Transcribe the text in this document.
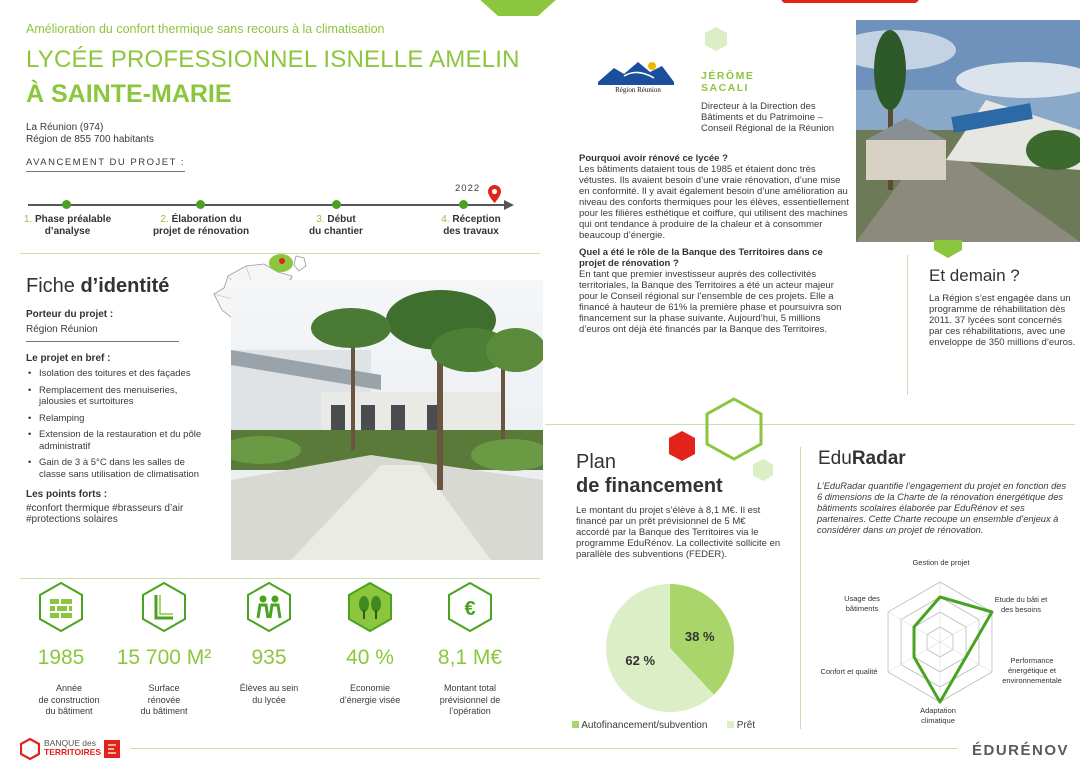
Amélioration du confort thermique sans recours à la climatisation
LYCÉE PROFESSIONNEL ISNELLE AMELIN
À SAINTE-MARIE
La Réunion (974)
Région de 855 700 habitants
AVANCEMENT DU PROJET :
2022
1. Phase préalable
d’analyse
2. Élaboration du
projet de rénovation
3. Début
du chantier
4. Réception
des travaux
Fiche d’identité
Porteur du projet :
Région Réunion
Le projet en bref :
• Isolation des toitures et des façades
• Remplacement des menuiseries, jalousies et surtoitures
• Relamping
• Extension de la restauration et du pôle administratif
• Gain de 3 à 5°C dans les salles de classe sans utilisation de climatisation
Les points forts :
#confort thermique #brasseurs d’air
#protections solaires
€
1985	15 700 M²	935	40 %	8,1 M€
Année
de construction
du bâtiment
Surface
rénovée
du bâtiment
Élèves au sein
du lycée
Economie
d’énergie visée
Montant total
prévisionnel de
l’opération
Région Réunion
JÉRÔME
SACALI
Directeur à la Direction des
Bâtiments et du Patrimoine –
Conseil Régional de la Réunion
Pourquoi avoir rénové ce lycée ?
Les bâtiments dataient tous de 1985 et étaient donc très vétustes. Ils avaient besoin d’une vraie rénovation, d’une mise en conformité. Il y avait également besoin d’une amélioration au niveau des conforts thermiques pour les élèves, essentiellement pour les filières esthétique et coiffure, qui utilisent des machines qui ont tendance à produire de la chaleur et à consommer beaucoup d’énergie.
Quel a été le rôle de la Banque des Territoires dans ce projet de rénovation ?
En tant que premier investisseur auprès des collectivités territoriales, la Banque des Territoires a été un acteur majeur pour le Conseil régional sur l’ensemble de ces projets. Elle a financé à hauteur de 61% la première phase et poursuivra son financement sur la phase suivante. Aujourd’hui, 5 millions d’euros ont déjà été financés par la Banque des Territoires.
Et demain ?
La Région s’est engagée dans un programme de réhabilitation dès 2011. 37 lycées sont concernés par ces réhabilitations, avec une enveloppe de 350 millions d’euros.
Plan
de financement
Le montant du projet s’élève à 8,1 M€. Il est financé par un prêt prévisionnel de 5 M€ accordé par la Banque des Territoires via le programme EduRénov. La collectivité sollicite en parallèle des subventions (FEDER).
38 %
62 %
Autofinancement/subvention	Prêt
EduRadar
L’EduRadar quantifie l’engagement du projet en fonction des 6 dimensions de la Charte de la rénovation énergétique des bâtiments scolaires élaborée par EduRénov et ses partenaires. Cette Charte recoupe un ensemble d’enjeux à considérer dans un projet de rénovation.
Gestion de projet
Etude du bâti et des besoins
Performance énergétique et environnementale
Adaptation climatique
Confort et qualité
Usage des bâtiments
BANQUE des
TERRITOIRES	ÉDURÉNOV
